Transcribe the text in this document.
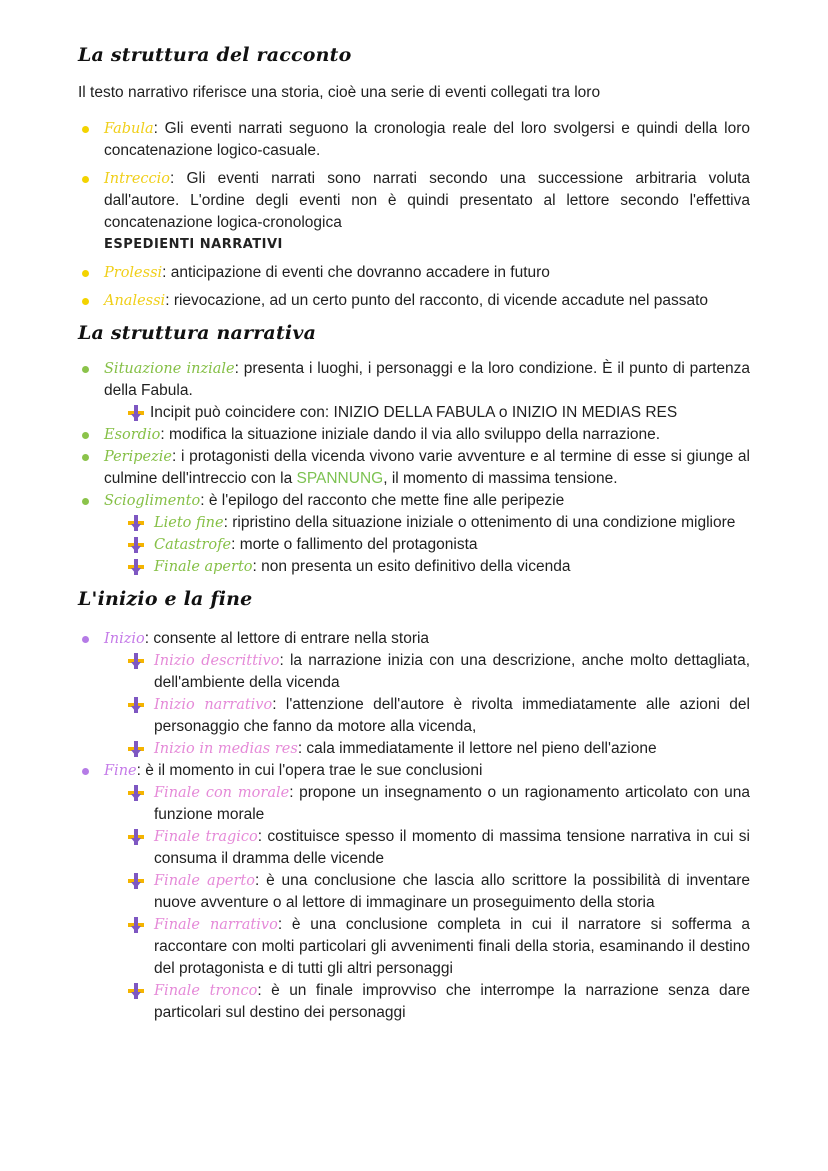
La struttura del racconto
Il testo narrativo riferisce una storia, cioè una serie di eventi collegati tra loro
Fabula: Gli eventi narrati seguono la cronologia reale del loro svolgersi e quindi della loro concatenazione logico-casuale.
Intreccio: Gli eventi narrati sono narrati secondo una successione arbitraria voluta dall'autore. L'ordine degli eventi non è quindi presentato al lettore secondo l'effettiva concatenazione logica-cronologica
ESPEDIENTI NARRATIVI
Prolessi: anticipazione di eventi che dovranno accadere in futuro
Analessi: rievocazione, ad un certo punto del racconto, di vicende accadute nel passato
La struttura narrativa
Situazione inziale: presenta i luoghi, i personaggi e la loro condizione. È il punto di partenza della Fabula.
Incipit può coincidere con: INIZIO DELLA FABULA o INIZIO IN MEDIAS RES
Esordio: modifica la situazione iniziale dando il via allo sviluppo della narrazione.
Peripezie: i protagonisti della vicenda vivono varie avventure e al termine di esse si giunge al culmine dell'intreccio con la SPANNUNG, il momento di massima tensione.
Scioglimento: è l'epilogo del racconto che mette fine alle peripezie
Lieto fine: ripristino della situazione iniziale o ottenimento di una condizione migliore
Catastrofe: morte o fallimento del protagonista
Finale aperto: non presenta un esito definitivo della vicenda
L'inizio e la fine
Inizio: consente al lettore di entrare nella storia
Inizio descrittivo: la narrazione inizia con una descrizione, anche molto dettagliata, dell'ambiente della vicenda
Inizio narrativo: l'attenzione dell'autore è rivolta immediatamente alle azioni del personaggio che fanno da motore alla vicenda,
Inizio in medias res: cala immediatamente il lettore nel pieno dell'azione
Fine: è il momento in cui l'opera trae le sue conclusioni
Finale con morale: propone un insegnamento o un ragionamento articolato con una funzione morale
Finale tragico: costituisce spesso il momento di massima tensione narrativa in cui si consuma il dramma delle vicende
Finale aperto: è una conclusione che lascia allo scrittore la possibilità di inventare nuove avventure o al lettore di immaginare un proseguimento della storia
Finale narrativo: è una conclusione completa in cui il narratore si sofferma a raccontare con molti particolari gli avvenimenti finali della storia, esaminando il destino del protagonista e di tutti gli altri personaggi
Finale tronco: è un finale improvviso che interrompe la narrazione senza dare particolari sul destino dei personaggi
